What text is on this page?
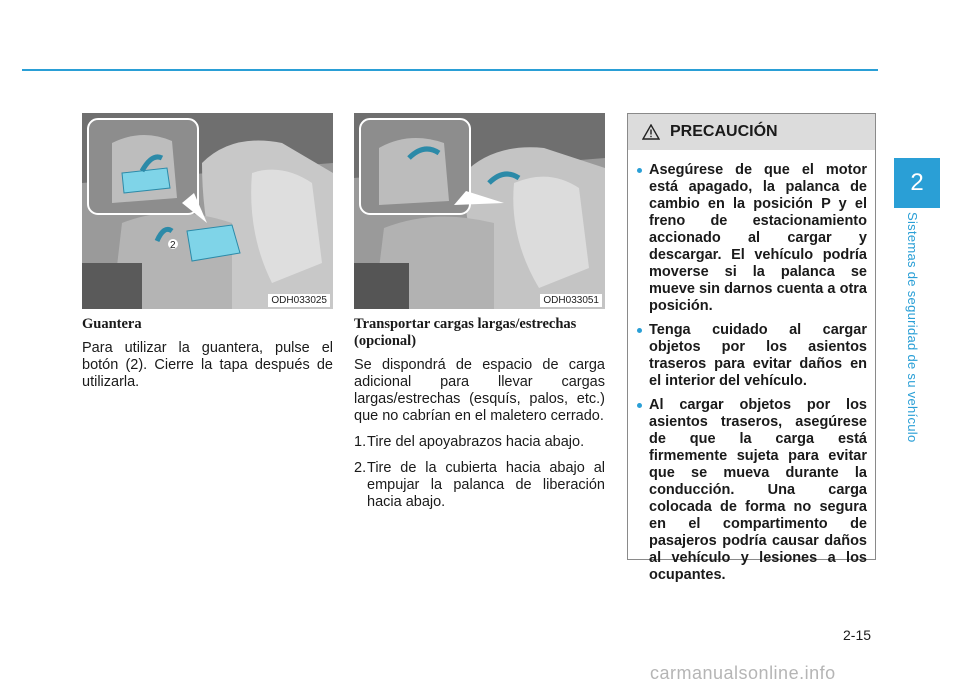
2
Sistemas de seguridad de su vehículo
2
ODH033025	ODH033051
Guantera

Para utilizar la guantera, pulse el botón (2). Cierre la tapa después de utilizarla.

Transportar cargas largas/estrechas (opcional)

Se dispondrá de espacio de carga adicional para llevar cargas largas/estrechas (esquís, palos, etc.) que no cabrían en el maletero cerrado.

1. Tire del apoyabrazos hacia abajo.
2. Tire de la cubierta hacia abajo al empujar la palanca de liberación hacia abajo.
PRECAUCIÓN
Asegúrese de que el motor está apagado, la palanca de cambio en la posición P y el freno de estacionamiento accionado al cargar y descargar. El vehículo podría moverse si la palanca se mueve sin darnos cuenta a otra posición.
Tenga cuidado al cargar objetos por los asientos traseros para evitar daños en el interior del vehículo.
Al cargar objetos por los asientos traseros, asegúrese de que la carga está firmemente sujeta para evitar que se mueva durante la conducción. Una carga colocada de forma no segura en el compartimento de pasajeros podría causar daños al vehículo y lesiones a los ocupantes.
2-15
carmanualsonline.info
